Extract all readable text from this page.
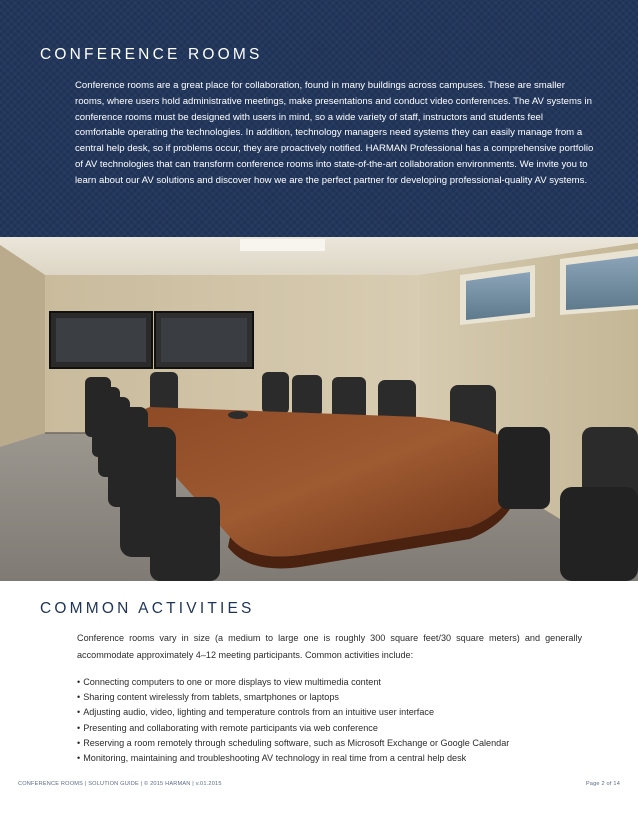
CONFERENCE ROOMS

Conference rooms are a great place for collaboration, found in many buildings across campuses. These are smaller rooms, where users hold administrative meetings, make presentations and conduct video conferences. The AV systems in conference rooms must be designed with users in mind, so a wide variety of staff, instructors and students feel comfortable operating the technologies. In addition, technology managers need systems they can easily manage from a central help desk, so if problems occur, they are proactively notified. HARMAN Professional has a comprehensive portfolio of AV technologies that can transform conference rooms into state-of-the-art collaboration environments. We invite you to learn about our AV solutions and discover how we are the perfect partner for developing professional-quality AV systems.

COMMON ACTIVITIES

Conference rooms vary in size (a medium to large one is roughly 300 square feet/30 square meters) and generally accommodate approximately 4–12 meeting participants. Common activities include:

• Connecting computers to one or more displays to view multimedia content
• Sharing content wirelessly from tablets, smartphones or laptops
• Adjusting audio, video, lighting and temperature controls from an intuitive user interface
• Presenting and collaborating with remote participants via web conference
• Reserving a room remotely through scheduling software, such as Microsoft Exchange or Google Calendar
• Monitoring, maintaining and troubleshooting AV technology in real time from a central help desk
CONFERENCE ROOMS | SOLUTION GUIDE | © 2015 HARMAN | v.01.2015	Page 2 of 14
